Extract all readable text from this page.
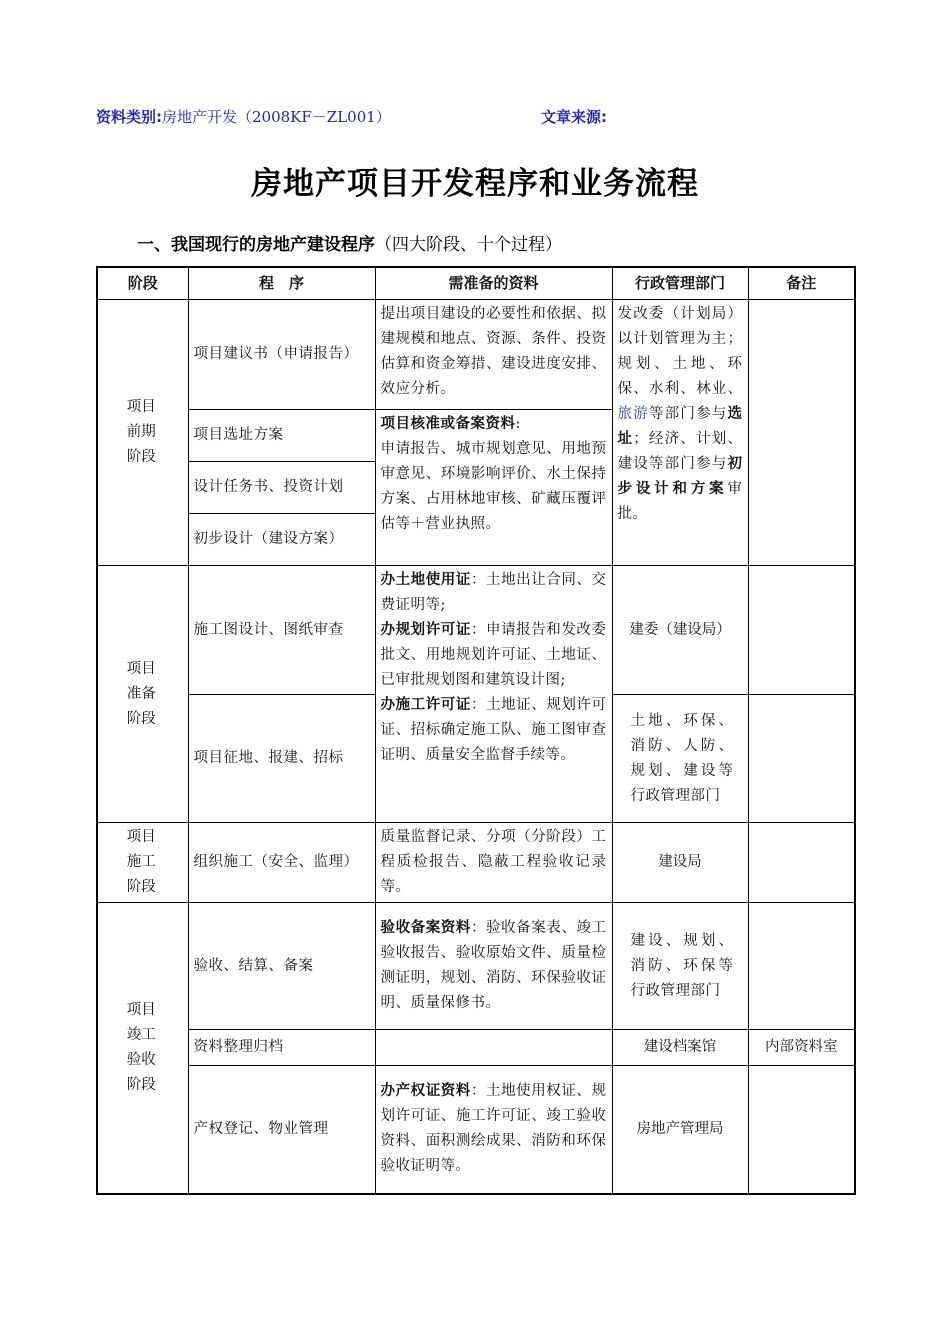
资料类别:房地产开发（2008KF－ZL001）	文章来源:
房地产项目开发程序和业务流程
一、我国现行的房地产建设程序（四大阶段、十个过程）
阶段	程　序	需准备的资料	行政管理部门	备注
项目
前期
阶段	项目建议书（申请报告）	提出项目建设的必要性和依据、拟建规模和地点、资源、条件、投资估算和资金筹措、建设进度安排、效应分析。	发改委（计划局）以计划管理为主；规划、土地、环保、水利、林业、旅游等部门参与选址；经济、计划、建设等部门参与初步设计和方案审批。	
	项目选址方案	项目核准或备案资料:
申请报告、城市规划意见、用地预审意见、环境影响评价、水土保持方案、占用林地审核、矿藏压覆评估等＋营业执照。		
	设计任务书、投资计划			
	初步设计（建设方案）			
项目
准备
阶段	施工图设计、图纸审查	办土地使用证：土地出让合同、交费证明等;
办规划许可证：申请报告和发改委批文、用地规划许可证、土地证、已审批规划图和建筑设计图;
办施工许可证：土地证、规划许可证、招标确定施工队、施工图审查证明、质量安全监督手续等。	建委（建设局）	
	项目征地、报建、招标		土地、环保、消防、人防、规划、建设等行政管理部门	
项目
施工
阶段	组织施工（安全、监理）	质量监督记录、分项（分阶段）工程质检报告、隐蔽工程验收记录等。	建设局	
项目
竣工
验收
阶段	验收、结算、备案	验收备案资料：验收备案表、竣工验收报告、验收原始文件、质量检测证明，规划、消防、环保验收证明、质量保修书。	建设、规划、消防、环保等行政管理部门	
	资料整理归档		建设档案馆	内部资料室
	产权登记、物业管理	办产权证资料：土地使用权证、规划许可证、施工许可证、竣工验收资料、面积测绘成果、消防和环保验收证明等。	房地产管理局	
